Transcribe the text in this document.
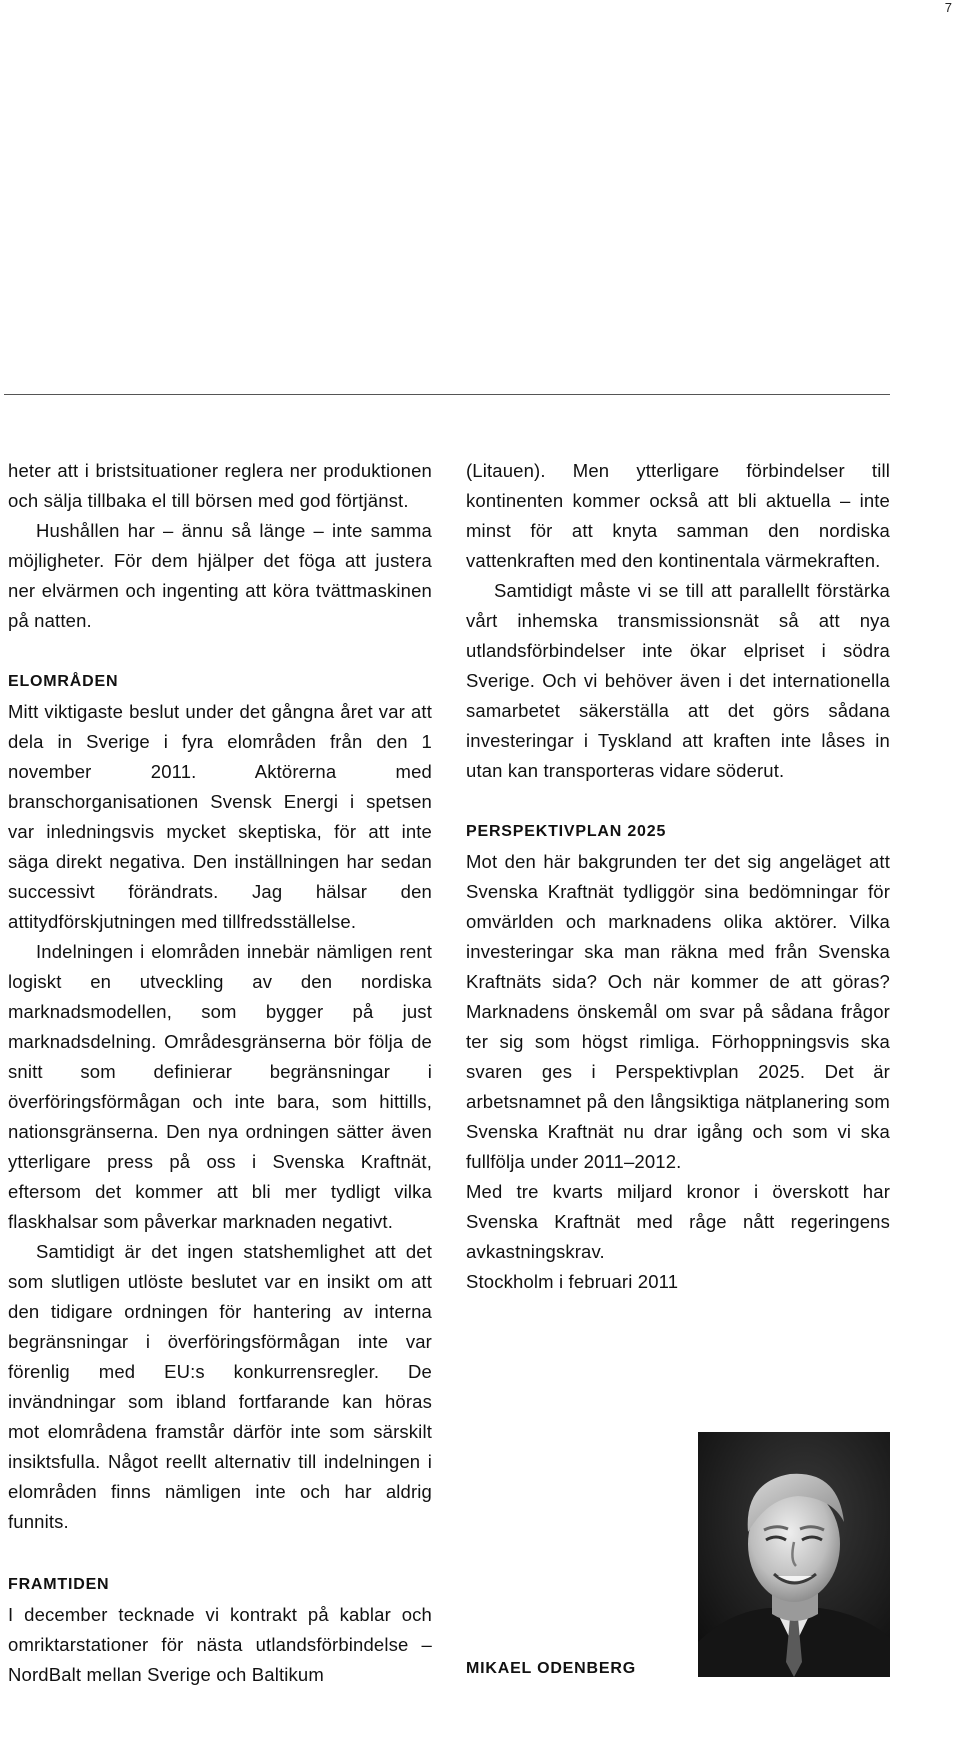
7

heter att i bristsituationer reglera ner produktionen och sälja tillbaka el till börsen med god förtjänst.

Hushållen har – ännu så länge – inte samma möjligheter. För dem hjälper det föga att justera ner elvärmen och ingenting att köra tvättmaskinen på natten.

ELOMRÅDEN

Mitt viktigaste beslut under det gångna året var att dela in Sverige i fyra elområden från den 1 november 2011. Aktörerna med branschorganisationen Svensk Energi i spetsen var inledningsvis mycket skeptiska, för att inte säga direkt negativa. Den inställningen har sedan successivt förändrats. Jag hälsar den attitydförskjutningen med tillfredsställelse.

Indelningen i elområden innebär nämligen rent logiskt en utveckling av den nordiska marknadsmodellen, som bygger på just marknadsdelning. Områdesgränserna bör följa de snitt som definierar begränsningar i överföringsförmågan och inte bara, som hittills, nationsgränserna. Den nya ordningen sätter även ytterligare press på oss i Svenska Kraftnät, eftersom det kommer att bli mer tydligt vilka flaskhalsar som påverkar marknaden negativt.

Samtidigt är det ingen statshemlighet att det som slutligen utlöste beslutet var en insikt om att den tidigare ordningen för hantering av interna begränsningar i överföringsförmågan inte var förenlig med EU:s konkurrensregler. De invändningar som ibland fortfarande kan höras mot elområdena framstår därför inte som särskilt insiktsfulla. Något reellt alternativ till indelningen i elområden finns nämligen inte och har aldrig funnits.

FRAMTIDEN

I december tecknade vi kontrakt på kablar och omriktarstationer för nästa utlandsförbindelse – NordBalt mellan Sverige och Baltikum

(Litauen). Men ytterligare förbindelser till kontinenten kommer också att bli aktuella – inte minst för att knyta samman den nordiska vattenkraften med den kontinentala värmekraften.

Samtidigt måste vi se till att parallellt förstärka vårt inhemska transmissionsnät så att nya utlandsförbindelser inte ökar elpriset i södra Sverige. Och vi behöver även i det internationella samarbetet säkerställa att det görs sådana investeringar i Tyskland att kraften inte låses in utan kan transporteras vidare söderut.

PERSPEKTIVPLAN 2025

Mot den här bakgrunden ter det sig angeläget att Svenska Kraftnät tydliggör sina bedömningar för omvärlden och marknadens olika aktörer. Vilka investeringar ska man räkna med från Svenska Kraftnäts sida? Och när kommer de att göras? Marknadens önskemål om svar på sådana frågor ter sig som högst rimliga. Förhoppningsvis ska svaren ges i Perspektivplan 2025. Det är arbetsnamnet på den långsiktiga nätplanering som Svenska Kraftnät nu drar igång och som vi ska fullfölja under 2011–2012.

Med tre kvarts miljard kronor i överskott har Svenska Kraftnät med råge nått regeringens avkastningskrav.

Stockholm i februari 2011

MIKAEL ODENBERG
